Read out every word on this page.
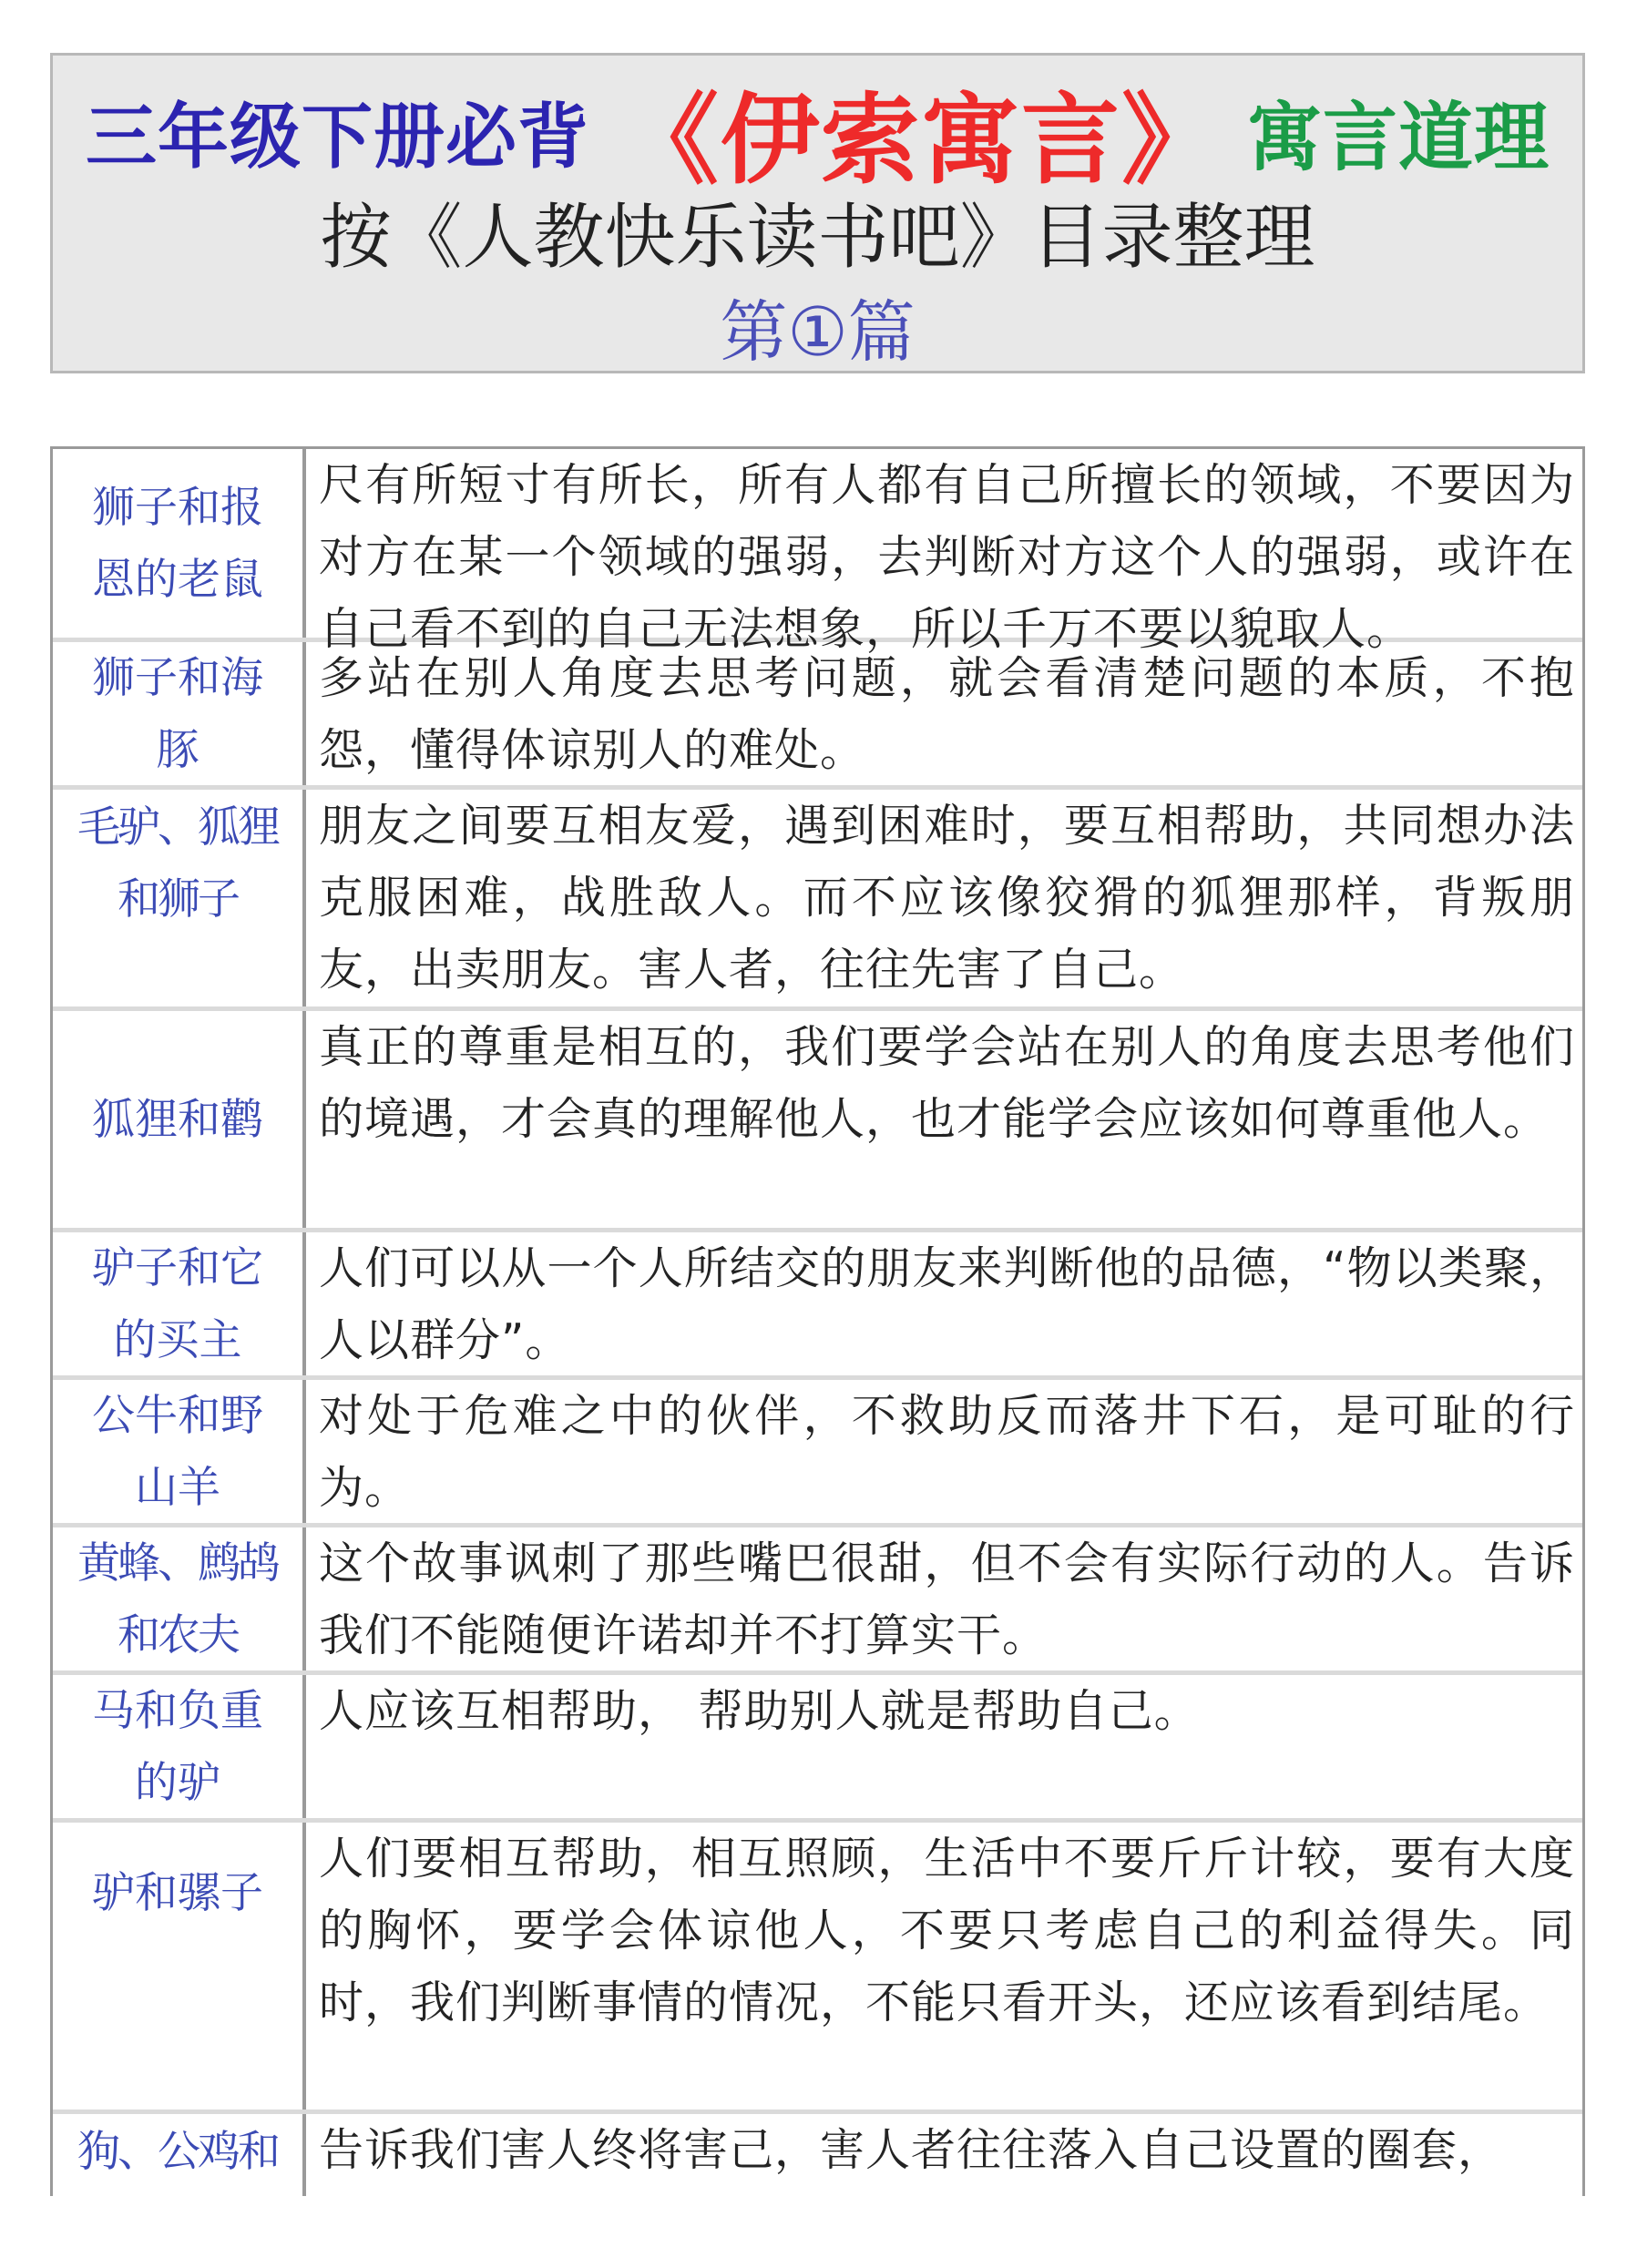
三年级下册必背 《伊索寓言》 寓言道理
按《人教快乐读书吧》目录整理
第①篇
狮子和报恩的老鼠
尺有所短寸有所长，所有人都有自己所擅长的领域，不要因为对方在某一个领域的强弱，去判断对方这个人的强弱，或许在自己看不到的自己无法想象，所以千万不要以貌取人。
狮子和海豚
多站在别人角度去思考问题，就会看清楚问题的本质，不抱怨，懂得体谅别人的难处。
毛驴、狐狸和狮子
朋友之间要互相友爱，遇到困难时，要互相帮助，共同想办法克服困难，战胜敌人。而不应该像狡猾的狐狸那样，背叛朋友，出卖朋友。害人者，往往先害了自己。
狐狸和鹳
真正的尊重是相互的，我们要学会站在别人的角度去思考他们的境遇，才会真的理解他人，也才能学会应该如何尊重他人。
驴子和它的买主
人们可以从一个人所结交的朋友来判断他的品德，“物以类聚，人以群分”。
公牛和野山羊
对处于危难之中的伙伴，不救助反而落井下石，是可耻的行为。
黄蜂、鹧鸪和农夫
这个故事讽刺了那些嘴巴很甜，但不会有实际行动的人。告诉我们不能随便许诺却并不打算实干。
马和负重的驴
人应该互相帮助， 帮助别人就是帮助自己。
驴和骡子
人们要相互帮助，相互照顾，生活中不要斤斤计较，要有大度的胸怀，要学会体谅他人，不要只考虑自己的利益得失。同时，我们判断事情的情况，不能只看开头，还应该看到结尾。
狗、公鸡和 告诉我们害人终将害己，害人者往往落入自己设置的圈套，
